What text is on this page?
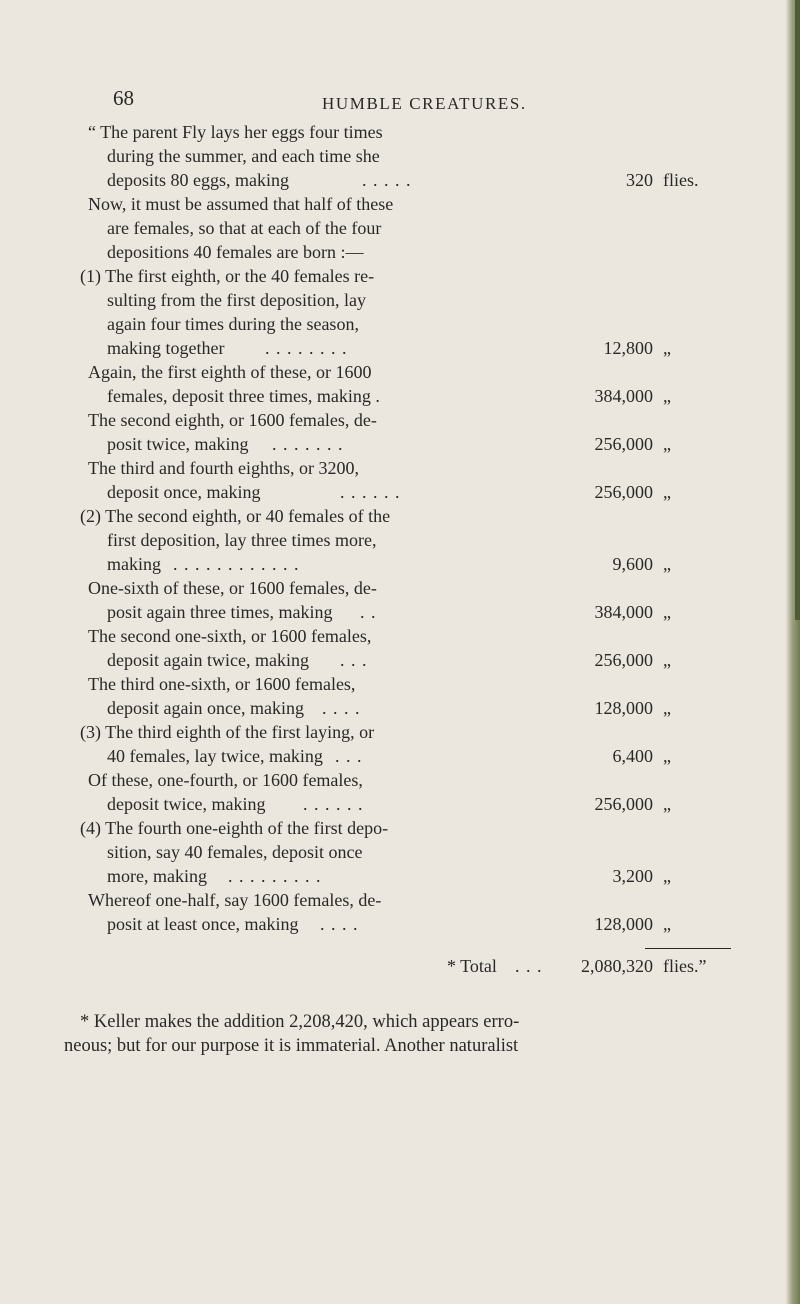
68	HUMBLE CREATURES.
“ The parent Fly lays her eggs four times
during the summer, and each time she
deposits 80 eggs, making	. . . . .	320 flies.
Now, it must be assumed that half of these
are females, so that at each of the four
depositions 40 females are born :—
(1) The first eighth, or the 40 females re-
sulting from the first deposition, lay
again four times during the season,
making together . . . . . . . .	12,800 „
Again, the first eighth of these, or 1600
females, deposit three times, making .	384,000 „
The second eighth, or 1600 females, de-
posit twice, making . . . . . . .	256,000 „
The third and fourth eighths, or 3200,
deposit once, making	. . . . . .	256,000 „
(2) The second eighth, or 40 females of the
first deposition, lay three times more,
making . . . . . . . . . . . .	9,600 „
One-sixth of these, or 1600 females, de-
posit again three times, making . .	384,000 „
The second one-sixth, or 1600 females,
deposit again twice, making . . .	256,000 „
The third one-sixth, or 1600 females,
deposit again once, making . . . .	128,000 „
(3) The third eighth of the first laying, or
40 females, lay twice, making . . .	6,400 „
Of these, one-fourth, or 1600 females,
deposit twice, making . . . . . .	256,000 „
(4) The fourth one-eighth of the first depo-
sition, say 40 females, deposit once
more, making . . . . . . . . .	3,200 „
Whereof one-half, say 1600 females, de-
posit at least once, making . . . .	128,000 „
* Total . . .	2,080,320 flies.”
* Keller makes the addition 2,208,420, which appears erro-
neous; but for our purpose it is immaterial. Another naturalist
